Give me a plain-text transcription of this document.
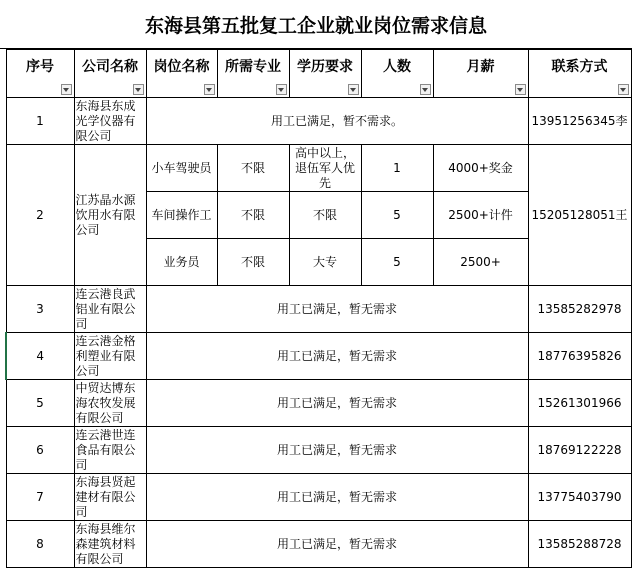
东海县第五批复工企业就业岗位需求信息
序号	公司名称	岗位名称	所需专业	学历要求	人数	月薪	联系方式

1	东海县东成光学仪器有限公司	用工已满足，暂不需求。					13951256345李
2	江苏晶水源饮用水有限公司	小车驾驶员	不限	高中以上，退伍军人优先	1	4000+奖金	15205128051王
		车间操作工	不限	不限	5	2500+计件	
		业务员	不限	大专	5	2500+	
3	连云港良武铝业有限公司	用工已满足，暂无需求					13585282978
4	连云港金格利塑业有限公司	用工已满足，暂无需求					18776395826
5	中贸达博东海农牧发展有限公司	用工已满足，暂无需求					15261301966
6	连云港世连食品有限公司	用工已满足，暂无需求					18769122228
7	东海县贤起建材有限公司	用工已满足，暂无需求					13775403790
8	东海县维尔森建筑材料有限公司	用工已满足，暂无需求					13585288728
